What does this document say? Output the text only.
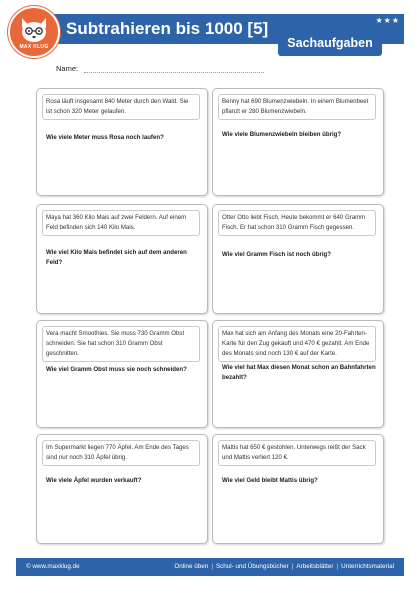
MAX KLUG
Subtrahieren bis 1000 [5]	★★★
Sachaufgaben
Name:
Rosa läuft insgesamt 840 Meter durch den Wald. Sie ist schon 320 Meter gelaufen.
Wie viele Meter muss Rosa noch laufen?
Benny hat 690 Blumenzwiebeln. In einem Blumenbeet pflanzt er 280 Blumenzwiebeln.
Wie viele Blumenzwiebeln bleiben übrig?
Maya hat 360 Kilo Mais auf zwei Feldern. Auf einem Feld befinden sich 140 Kilo Mais.
Wie viel Kilo Mais befindet sich auf dem anderen Feld?
Otter Otto liebt Fisch. Heute bekommt er 640 Gramm Fisch. Er hat schon 310 Gramm Fisch gegessen.
Wie viel Gramm Fisch ist noch übrig?
Vera macht Smoothies. Sie muss 730 Gramm Obst schneiden. Sie hat schon 310 Gramm Obst geschnitten.
Wie viel Gramm Obst muss sie noch schneiden?
Max hat sich am Anfang des Monats eine 20-Fahrten-Karte für den Zug gekauft und 470 € gezahlt. Am Ende des Monats sind noch 130 € auf der Karte.
Wie viel hat Max diesen Monat schon an Bahnfahrten bezahlt?
Im Supermarkt liegen 770 Äpfel. Am Ende des Tages sind nur noch 310 Äpfel übrig.
Wie viele Äpfel wurden verkauft?
Mattis hat 650 € gestohlen. Unterwegs reißt der Sack und Mattis verliert 120 €.
Wie viel Geld bleibt Mattis übrig?
© www.maxklug.de	Online üben | Schul- und Übungsbücher | Arbeitsblätter | Unterrichtsmaterial
